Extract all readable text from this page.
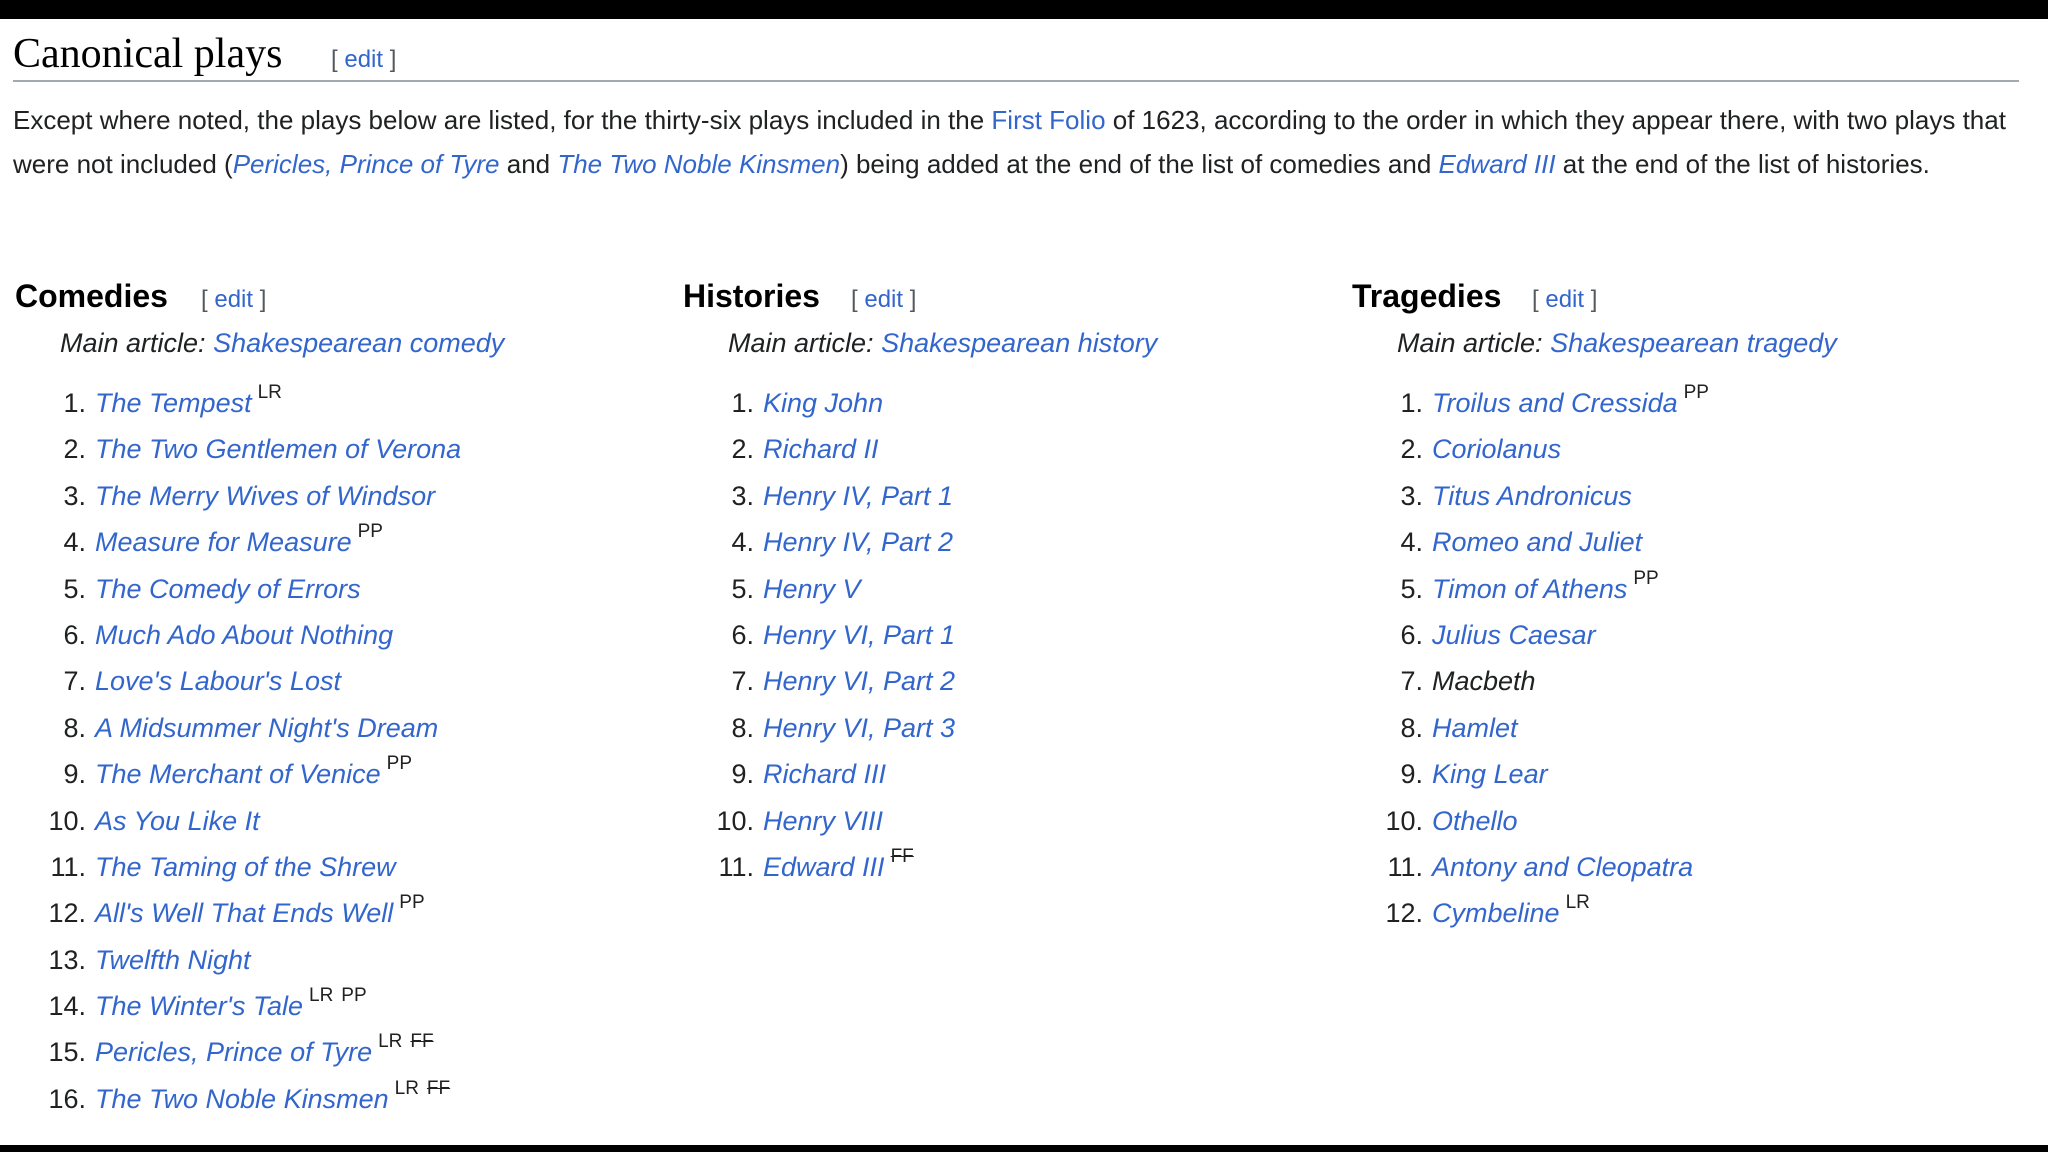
Canonical plays [ edit ]
Except where noted, the plays below are listed, for the thirty-six plays included in the First Folio of 1623, according to the order in which they appear there, with two plays that were not included (Pericles, Prince of Tyre and The Two Noble Kinsmen) being added at the end of the list of comedies and Edward III at the end of the list of histories.
Comedies [ edit ]
Main article: Shakespearean comedy
1. The Tempest $^{LR}$
2. The Two Gentlemen of Verona
3. The Merry Wives of Windsor
4. Measure for Measure $^{PP}$
5. The Comedy of Errors
6. Much Ado About Nothing
7. Love's Labour's Lost
8. A Midsummer Night's Dream
9. The Merchant of Venice $^{PP}$
10. As You Like It
11. The Taming of the Shrew
12. All's Well That Ends Well $^{PP}$
13. Twelfth Night
14. The Winter's Tale $^{LR}$ $^{PP}$
15. Pericles, Prince of Tyre $^{LR}$ $^{FF}$
16. The Two Noble Kinsmen $^{LR}$ $^{FF}$
Histories [ edit ]
Main article: Shakespearean history
1. King John
2. Richard II
3. Henry IV, Part 1
4. Henry IV, Part 2
5. Henry V
6. Henry VI, Part 1
7. Henry VI, Part 2
8. Henry VI, Part 3
9. Richard III
10. Henry VIII
11. Edward III $^{FF}$
Tragedies [ edit ]
Main article: Shakespearean tragedy
1. Troilus and Cressida $^{PP}$
2. Coriolanus
3. Titus Andronicus
4. Romeo and Juliet
5. Timon of Athens $^{PP}$
6. Julius Caesar
7. Macbeth
8. Hamlet
9. King Lear
10. Othello
11. Antony and Cleopatra
12. Cymbeline $^{LR}$
